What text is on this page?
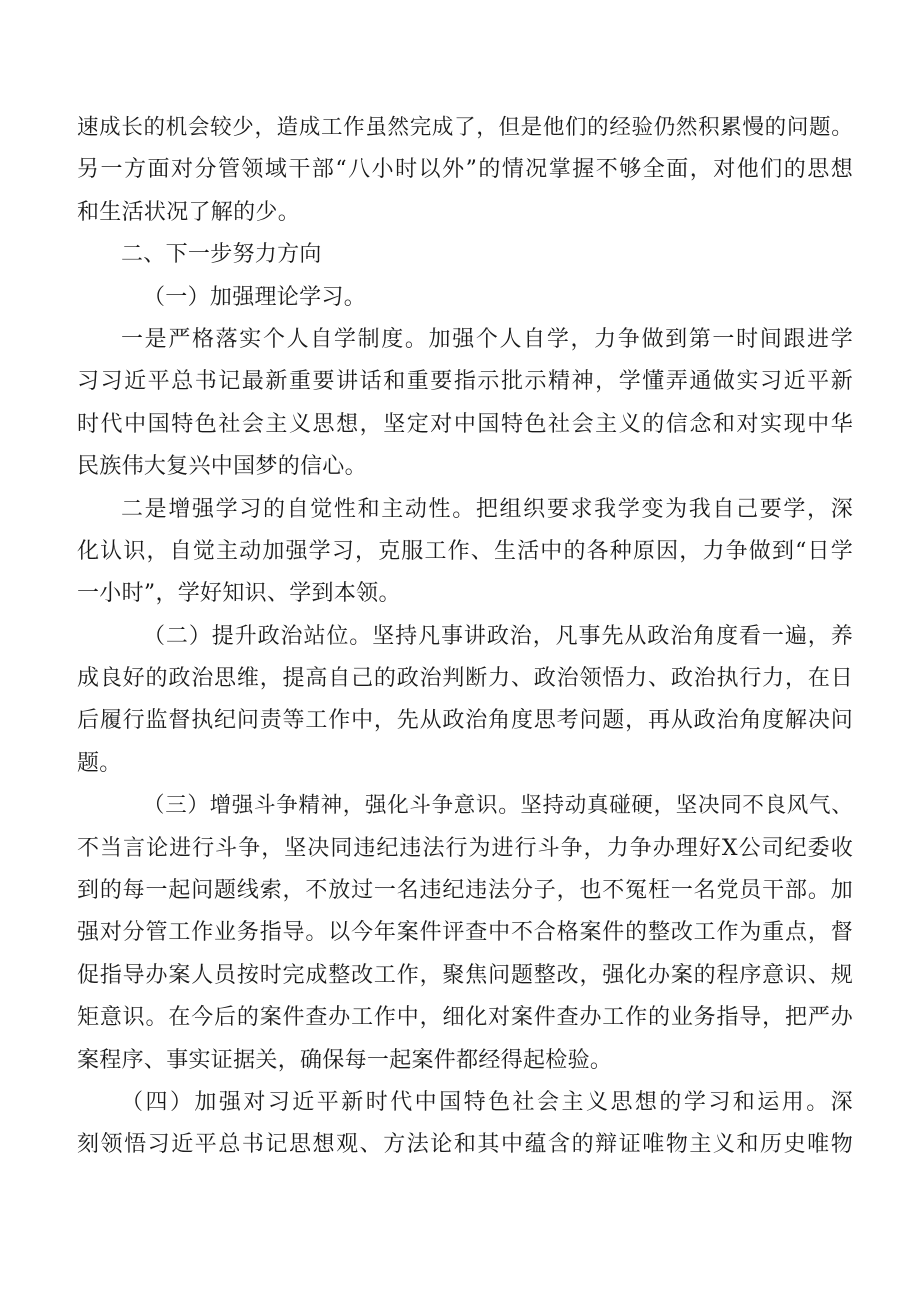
速成长的机会较少，造成工作虽然完成了，但是他们的经验仍然积累慢的问题。
另一方面对分管领域干部“八小时以外”的情况掌握不够全面，对他们的思想
和生活状况了解的少。
二、下一步努力方向
（一）加强理论学习。
一是严格落实个人自学制度。加强个人自学，力争做到第一时间跟进学
习习近平总书记最新重要讲话和重要指示批示精神，学懂弄通做实习近平新
时代中国特色社会主义思想，坚定对中国特色社会主义的信念和对实现中华
民族伟大复兴中国梦的信心。
二是增强学习的自觉性和主动性。把组织要求我学变为我自己要学，深
化认识，自觉主动加强学习，克服工作、生活中的各种原因，力争做到“日学
一小时”，学好知识、学到本领。
（二）提升政治站位。坚持凡事讲政治，凡事先从政治角度看一遍，养
成良好的政治思维，提高自己的政治判断力、政治领悟力、政治执行力，在日
后履行监督执纪问责等工作中，先从政治角度思考问题，再从政治角度解决问
题。
（三）增强斗争精神，强化斗争意识。坚持动真碰硬，坚决同不良风气、
不当言论进行斗争，坚决同违纪违法行为进行斗争，力争办理好X公司纪委收
到的每一起问题线索，不放过一名违纪违法分子，也不冤枉一名党员干部。加
强对分管工作业务指导。以今年案件评查中不合格案件的整改工作为重点，督
促指导办案人员按时完成整改工作，聚焦问题整改，强化办案的程序意识、规
矩意识。在今后的案件查办工作中，细化对案件查办工作的业务指导，把严办
案程序、事实证据关，确保每一起案件都经得起检验。
（四）加强对习近平新时代中国特色社会主义思想的学习和运用。深
刻领悟习近平总书记思想观、方法论和其中蕴含的辩证唯物主义和历史唯物
